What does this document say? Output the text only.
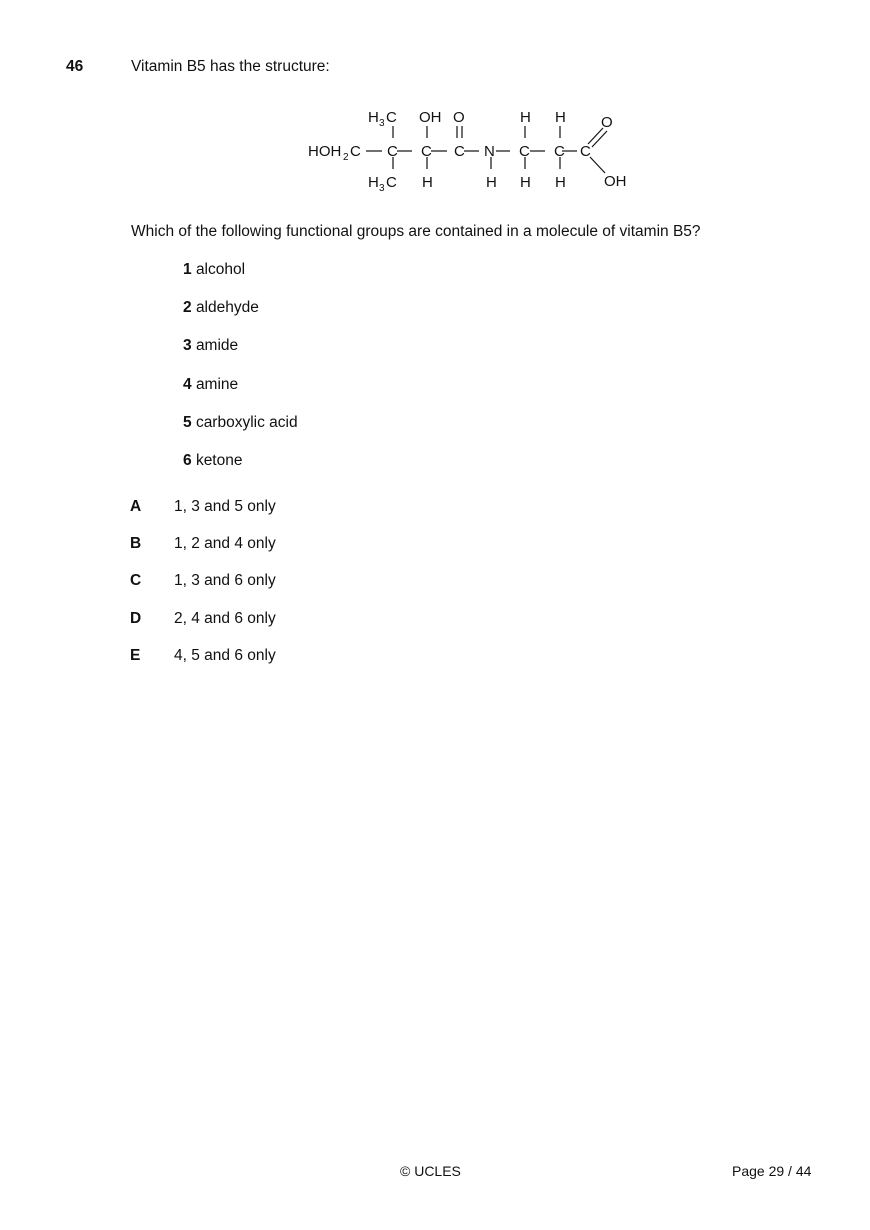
46	Vitamin B5 has the structure:
H 3 C OH O	H H O
HOH 2 C C C C N C C C
H 3 C H	H H H	OH
Which of the following functional groups are contained in a molecule of vitamin B5?
1 alcohol
2 aldehyde
3 amide
4 amine
5 carboxylic acid
6 ketone
A 1, 3 and 5 only
B 1, 2 and 4 only
C 1, 3 and 6 only
D 2, 4 and 6 only
E 4, 5 and 6 only
© UCLES	Page 29 / 44
